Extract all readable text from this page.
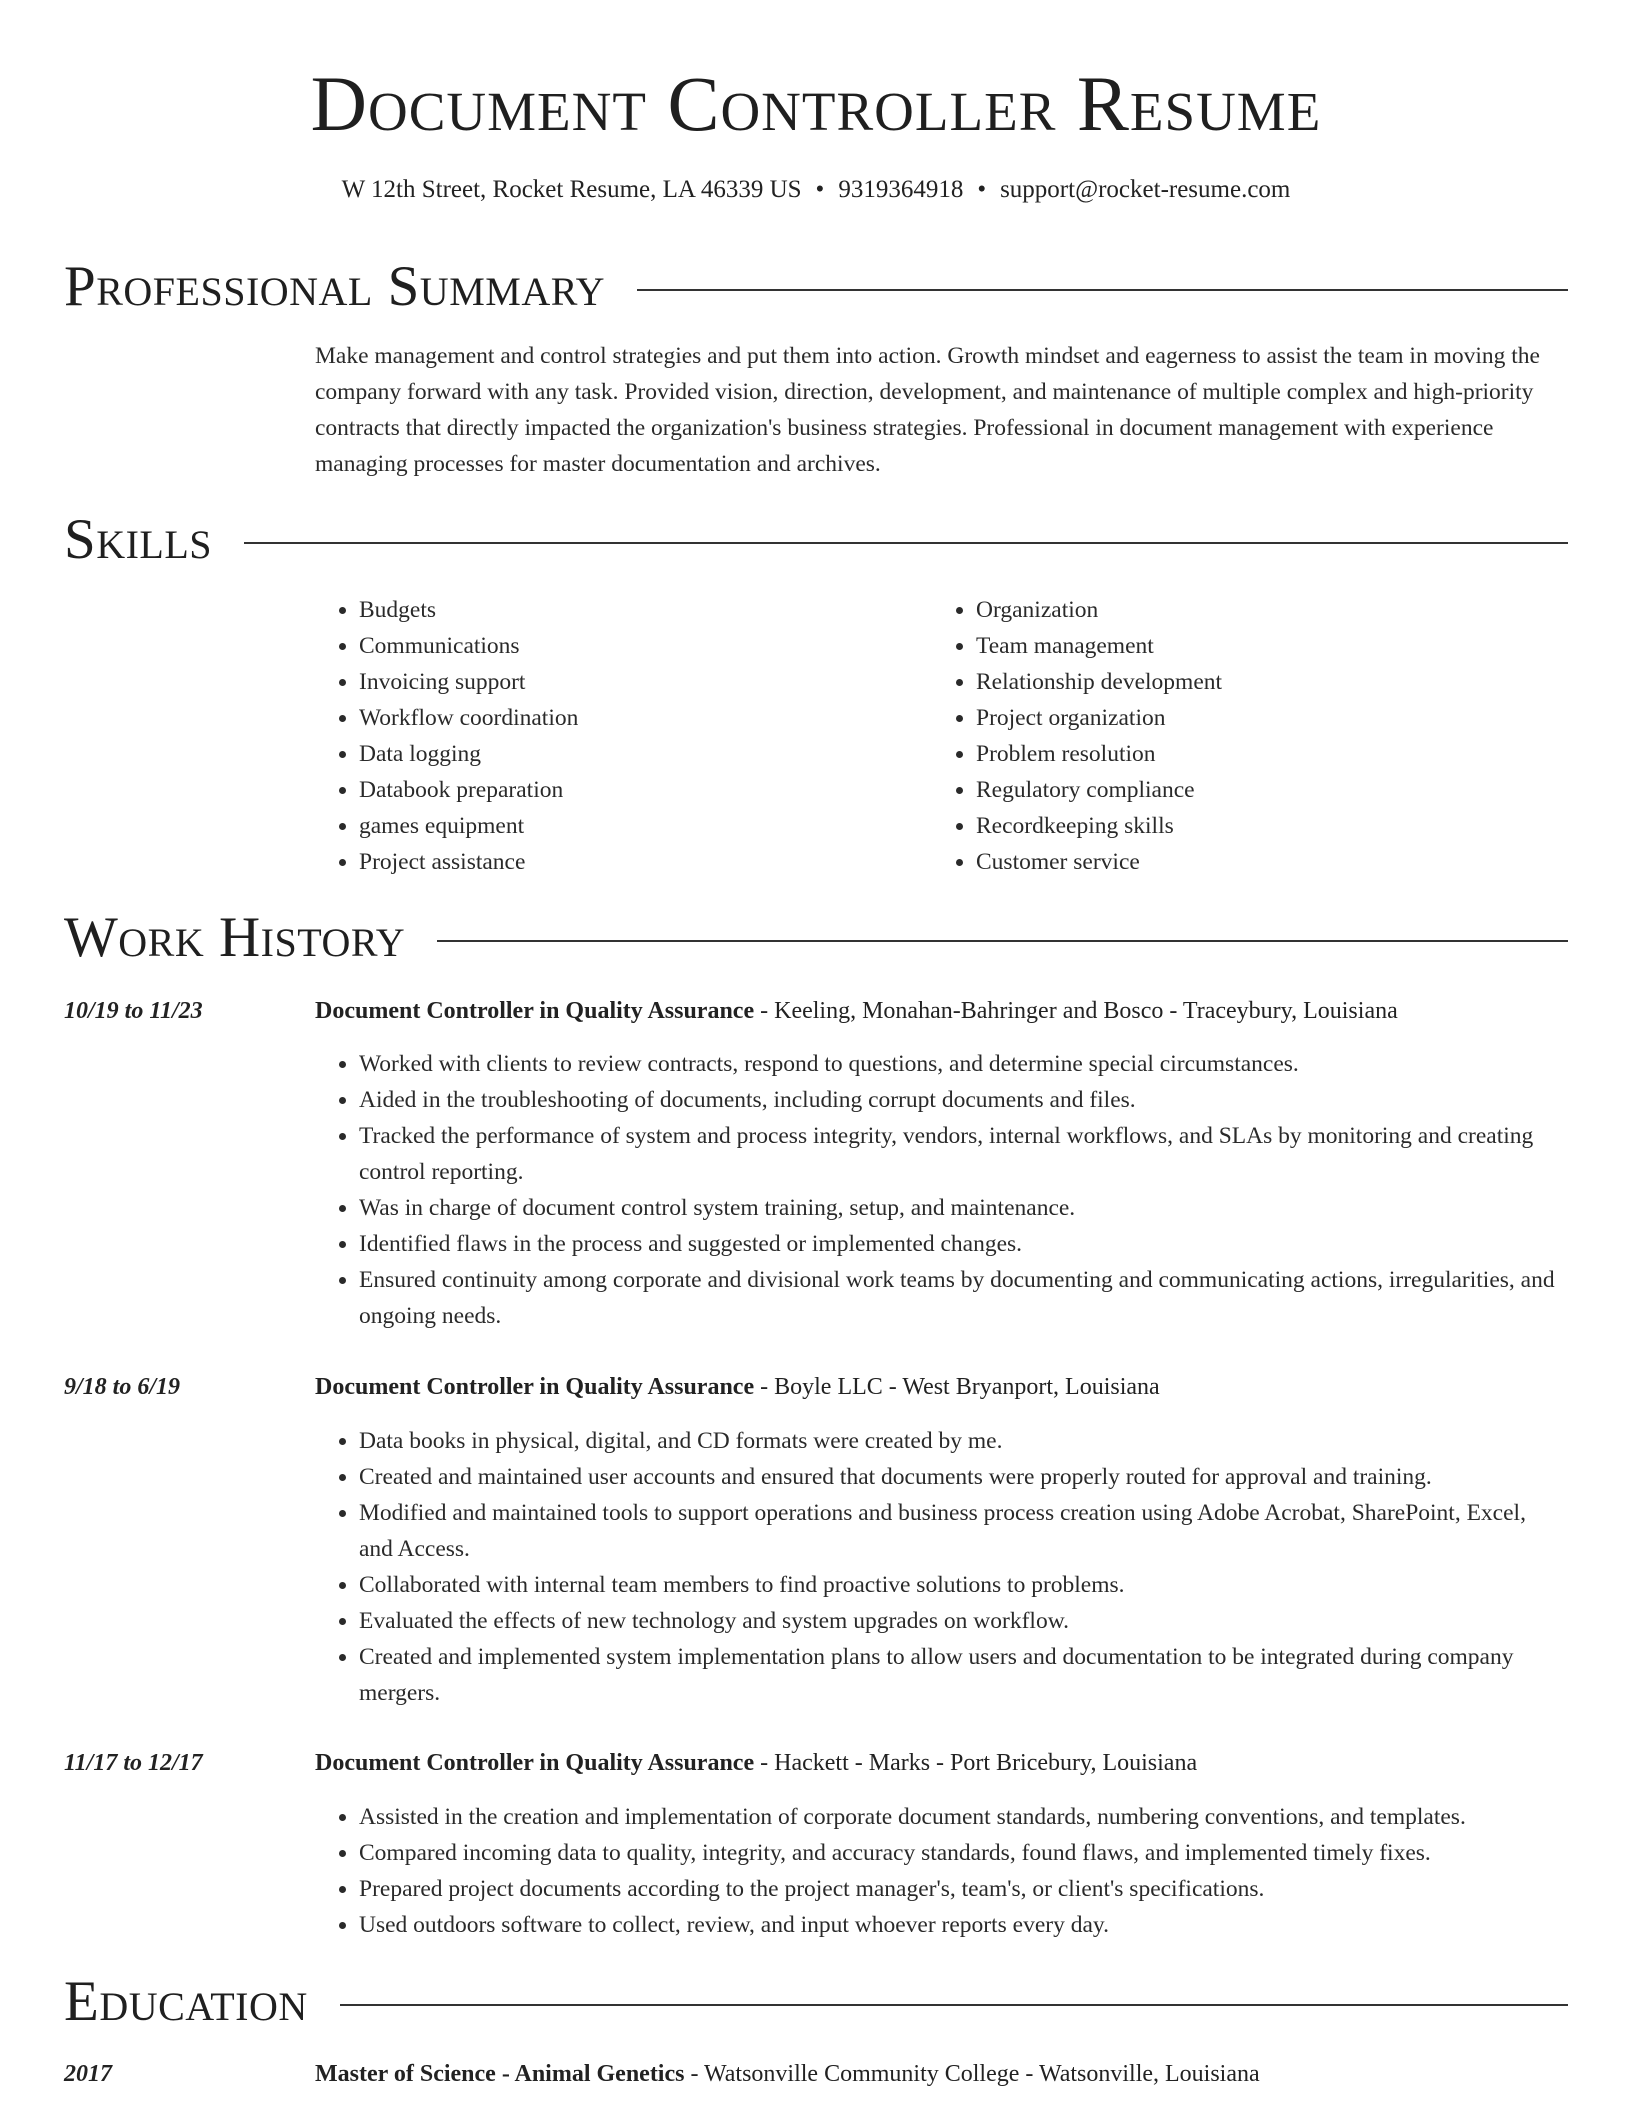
Document Controller Resume
W 12th Street, Rocket Resume, LA 46339 US • 9319364918 • support@rocket-resume.com
Professional Summary

Make management and control strategies and put them into action. Growth mindset and eagerness to assist the team in moving the company forward with any task. Provided vision, direction, development, and maintenance of multiple complex and high-priority contracts that directly impacted the organization's business strategies. Professional in document management with experience managing processes for master documentation and archives.

Skills
• Budgets
• Communications
• Invoicing support
• Workflow coordination
• Data logging
• Databook preparation
• games equipment
• Project assistance
• Organization
• Team management
• Relationship development
• Project organization
• Problem resolution
• Regulatory compliance
• Recordkeeping skills
• Customer service
Work History
10/19 to 11/23	Document Controller in Quality Assurance - Keeling, Monahan-Bahringer and Bosco - Traceybury, Louisiana
• Worked with clients to review contracts, respond to questions, and determine special circumstances.
• Aided in the troubleshooting of documents, including corrupt documents and files.
• Tracked the performance of system and process integrity, vendors, internal workflows, and SLAs by monitoring and creating control reporting.
• Was in charge of document control system training, setup, and maintenance.
• Identified flaws in the process and suggested or implemented changes.
• Ensured continuity among corporate and divisional work teams by documenting and communicating actions, irregularities, and ongoing needs.
9/18 to 6/19	Document Controller in Quality Assurance - Boyle LLC - West Bryanport, Louisiana
• Data books in physical, digital, and CD formats were created by me.
• Created and maintained user accounts and ensured that documents were properly routed for approval and training.
• Modified and maintained tools to support operations and business process creation using Adobe Acrobat, SharePoint, Excel, and Access.
• Collaborated with internal team members to find proactive solutions to problems.
• Evaluated the effects of new technology and system upgrades on workflow.
• Created and implemented system implementation plans to allow users and documentation to be integrated during company mergers.
11/17 to 12/17	Document Controller in Quality Assurance - Hackett - Marks - Port Bricebury, Louisiana
• Assisted in the creation and implementation of corporate document standards, numbering conventions, and templates.
• Compared incoming data to quality, integrity, and accuracy standards, found flaws, and implemented timely fixes.
• Prepared project documents according to the project manager's, team's, or client's specifications.
• Used outdoors software to collect, review, and input whoever reports every day.
Education
2017	Master of Science - Animal Genetics - Watsonville Community College - Watsonville, Louisiana
